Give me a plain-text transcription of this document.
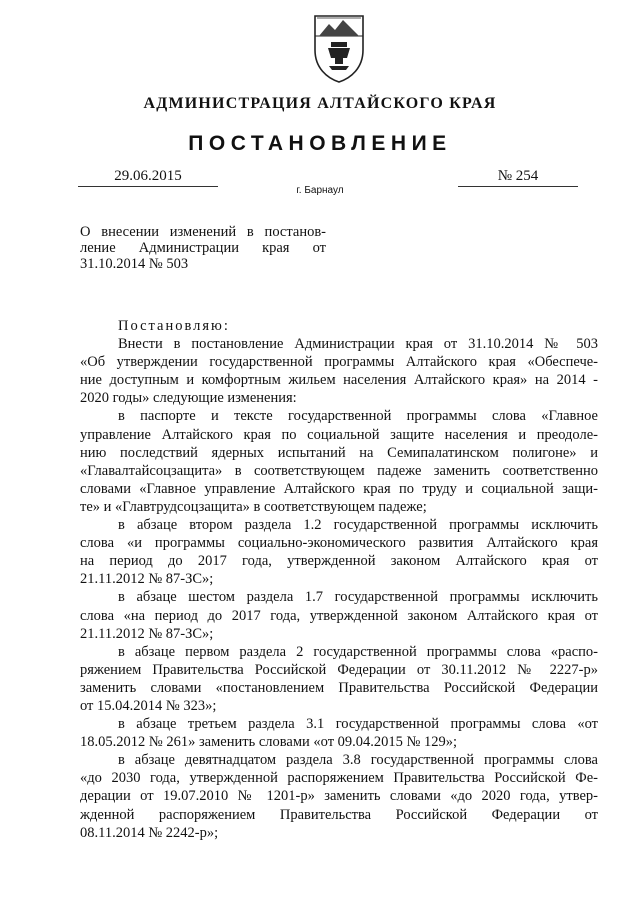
АДМИНИСТРАЦИЯ АЛТАЙСКОГО КРАЯ
ПОСТАНОВЛЕНИЕ
29.06.2015	№ 254
г. Барнаул
О внесении изменений в постанов-
ление Администрации края от
31.10.2014 № 503
Постановляю:
Внести в постановление Администрации края от 31.10.2014 № 503
«Об утверждении государственной программы Алтайского края «Обеспече-
ние доступным и комфортным жильем населения Алтайского края» на 2014 -
2020 годы» следующие изменения:
в паспорте и тексте государственной программы слова «Главное
управление Алтайского края по социальной защите населения и преодоле-
нию последствий ядерных испытаний на Семипалатинском полигоне» и
«Главалтайсоцзащита» в соответствующем падеже заменить соответственно
словами «Главное управление Алтайского края по труду и социальной защи-
те» и «Главтрудсоцзащита» в соответствующем падеже;
в абзаце втором раздела 1.2 государственной программы исключить
слова «и программы социально-экономического развития Алтайского края
на период до 2017 года, утвержденной законом Алтайского края от
21.11.2012 № 87-ЗС»;
в абзаце шестом раздела 1.7 государственной программы исключить
слова «на период до 2017 года, утвержденной законом Алтайского края от
21.11.2012 № 87-ЗС»;
в абзаце первом раздела 2 государственной программы слова «распо-
ряжением Правительства Российской Федерации от 30.11.2012 № 2227-р»
заменить словами «постановлением Правительства Российской Федерации
от 15.04.2014 № 323»;
в абзаце третьем раздела 3.1 государственной программы слова «от
18.05.2012 № 261» заменить словами «от 09.04.2015 № 129»;
в абзаце девятнадцатом раздела 3.8 государственной программы слова
«до 2030 года, утвержденной распоряжением Правительства Российской Фе-
дерации от 19.07.2010 № 1201-р» заменить словами «до 2020 года, утвер-
жденной распоряжением Правительства Российской Федерации от
08.11.2014 № 2242-р»;
